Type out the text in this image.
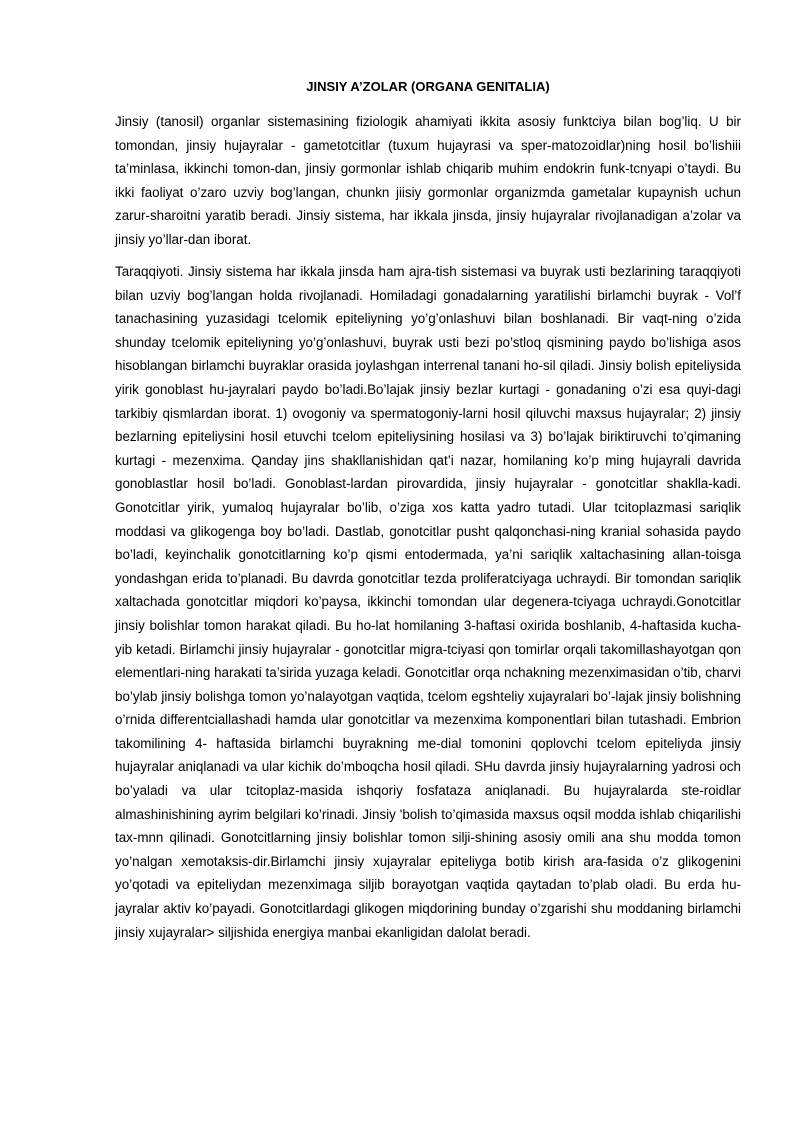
JINSIY A’ZOLAR (ORGANA GENITALIA)

Jinsiy (tanosil) organlar sistemasining fiziologik ahamiyati ikkita asosiy funktciya bilan bog’liq. U bir tomondan, jinsiy hujayralar - gametotcitlar (tuxum hujayrasi va sper-matozoidlar)ning hosil bo’lishiii ta’minlasa, ikkinchi tomon-dan, jinsiy gormonlar ishlab chiqarib muhim endokrin funk-tcnyapi o’taydi. Bu ikki faoliyat o’zaro uzviy bog’langan, chunkn jiisiy gormonlar organizmda gametalar kupaynish uchun zarur-sharoitni yaratib beradi. Jinsiy sistema, har ikkala jinsda, jinsiy hujayralar rivojlanadigan a’zolar va jinsiy yo’llar-dan iborat.

Taraqqiyoti. Jinsiy sistema har ikkala jinsda ham ajra-tish sistemasi va buyrak usti bezlarining taraqqiyoti bilan uzviy bog’langan holda rivojlanadi. Homiladagi gonadalarning yaratilishi birlamchi buyrak - Vol’f tanachasining yuzasidagi tcelomik epiteliyning yo’g’onlashuvi bilan boshlanadi. Bir vaqt-ning o’zida shunday tcelomik epiteliyning yo’g’onlashuvi, buyrak usti bezi po’stloq qismining paydo bo’lishiga asos hisoblangan birlamchi buyraklar orasida joylashgan interrenal tanani ho-sil qiladi. Jinsiy bolish epiteliysida yirik gonoblast hu-jayralari paydo bo’ladi.Bo’lajak jinsiy bezlar kurtagi - gonadaning o’zi esa quyi-dagi tarkibiy qismlardan iborat. 1) ovogoniy va spermatogoniy-larni hosil qiluvchi maxsus hujayralar; 2) jinsiy bezlarning epiteliysini hosil etuvchi tcelom epiteliysining hosilasi va 3) bo’lajak biriktiruvchi to’qimaning kurtagi - mezenxima. Qanday jins shakllanishidan qat’i nazar, homilaning ko’p ming hujayrali davrida gonoblastlar hosil bo’ladi. Gonoblast-lardan pirovardida, jinsiy hujayralar - gonotcitlar shaklla-kadi. Gonotcitlar yirik, yumaloq hujayralar bo’lib, o’ziga xos katta yadro tutadi. Ular tcitoplazmasi sariqlik moddasi va glikogenga boy bo’ladi. Dastlab, gonotcitlar pusht qalqonchasi-ning kranial sohasida paydo bo’ladi, keyinchalik gonotcitlarning ko’p qismi entodermada, ya’ni sariqlik xaltachasining allan-toisga yondashgan erida to’planadi. Bu davrda gonotcitlar tezda proliferatciyaga uchraydi. Bir tomondan sariqlik xaltachada gonotcitlar miqdori ko’paysa, ikkinchi tomondan ular degenera-tciyaga uchraydi.Gonotcitlar jinsiy bolishlar tomon harakat qiladi. Bu ho-lat homilaning 3-haftasi oxirida boshlanib, 4-haftasida kucha-yib ketadi. Birlamchi jinsiy hujayralar - gonotcitlar migra-tciyasi qon tomirlar orqali takomillashayotgan qon elementlari-ning harakati ta’sirida yuzaga keladi. Gonotcitlar orqa nchakning mezenximasidan o’tib, charvi bo’ylab jinsiy bolishga tomon yo’nalayotgan vaqtida, tcelom egshteliy xujayralari bo’-lajak jinsiy bolishning o’rnida differentciallashadi hamda ular gonotcitlar va mezenxima komponentlari bilan tutashadi. Embrion takomilining 4- haftasida birlamchi buyrakning me-dial tomonini qoplovchi tcelom epiteliyda jinsiy hujayralar aniqlanadi va ular kichik do’mboqcha hosil qiladi. SHu davrda jinsiy hujayralarning yadrosi och bo’yaladi va ular tcitoplaz-masida ishqoriy fosfataza aniqlanadi. Bu hujayralarda ste-roidlar almashinishining ayrim belgilari ko’rinadi. Jinsiy 'bolish to’qimasida maxsus oqsil modda ishlab chiqarilishi tax-mnn qilinadi. Gonotcitlarning jinsiy bolishlar tomon silji-shining asosiy omili ana shu modda tomon yo’nalgan xemotaksis-dir.Birlamchi jinsiy xujayralar epiteliyga botib kirish ara-fasida o’z glikogenini yo’qotadi va epiteliydan mezenximaga siljib borayotgan vaqtida qaytadan to’plab oladi. Bu erda hu-jayralar aktiv ko’payadi. Gonotcitlardagi glikogen miqdorining bunday o’zgarishi shu moddaning birlamchi jinsiy xujayralar> siljishida energiya manbai ekanligidan dalolat beradi.
